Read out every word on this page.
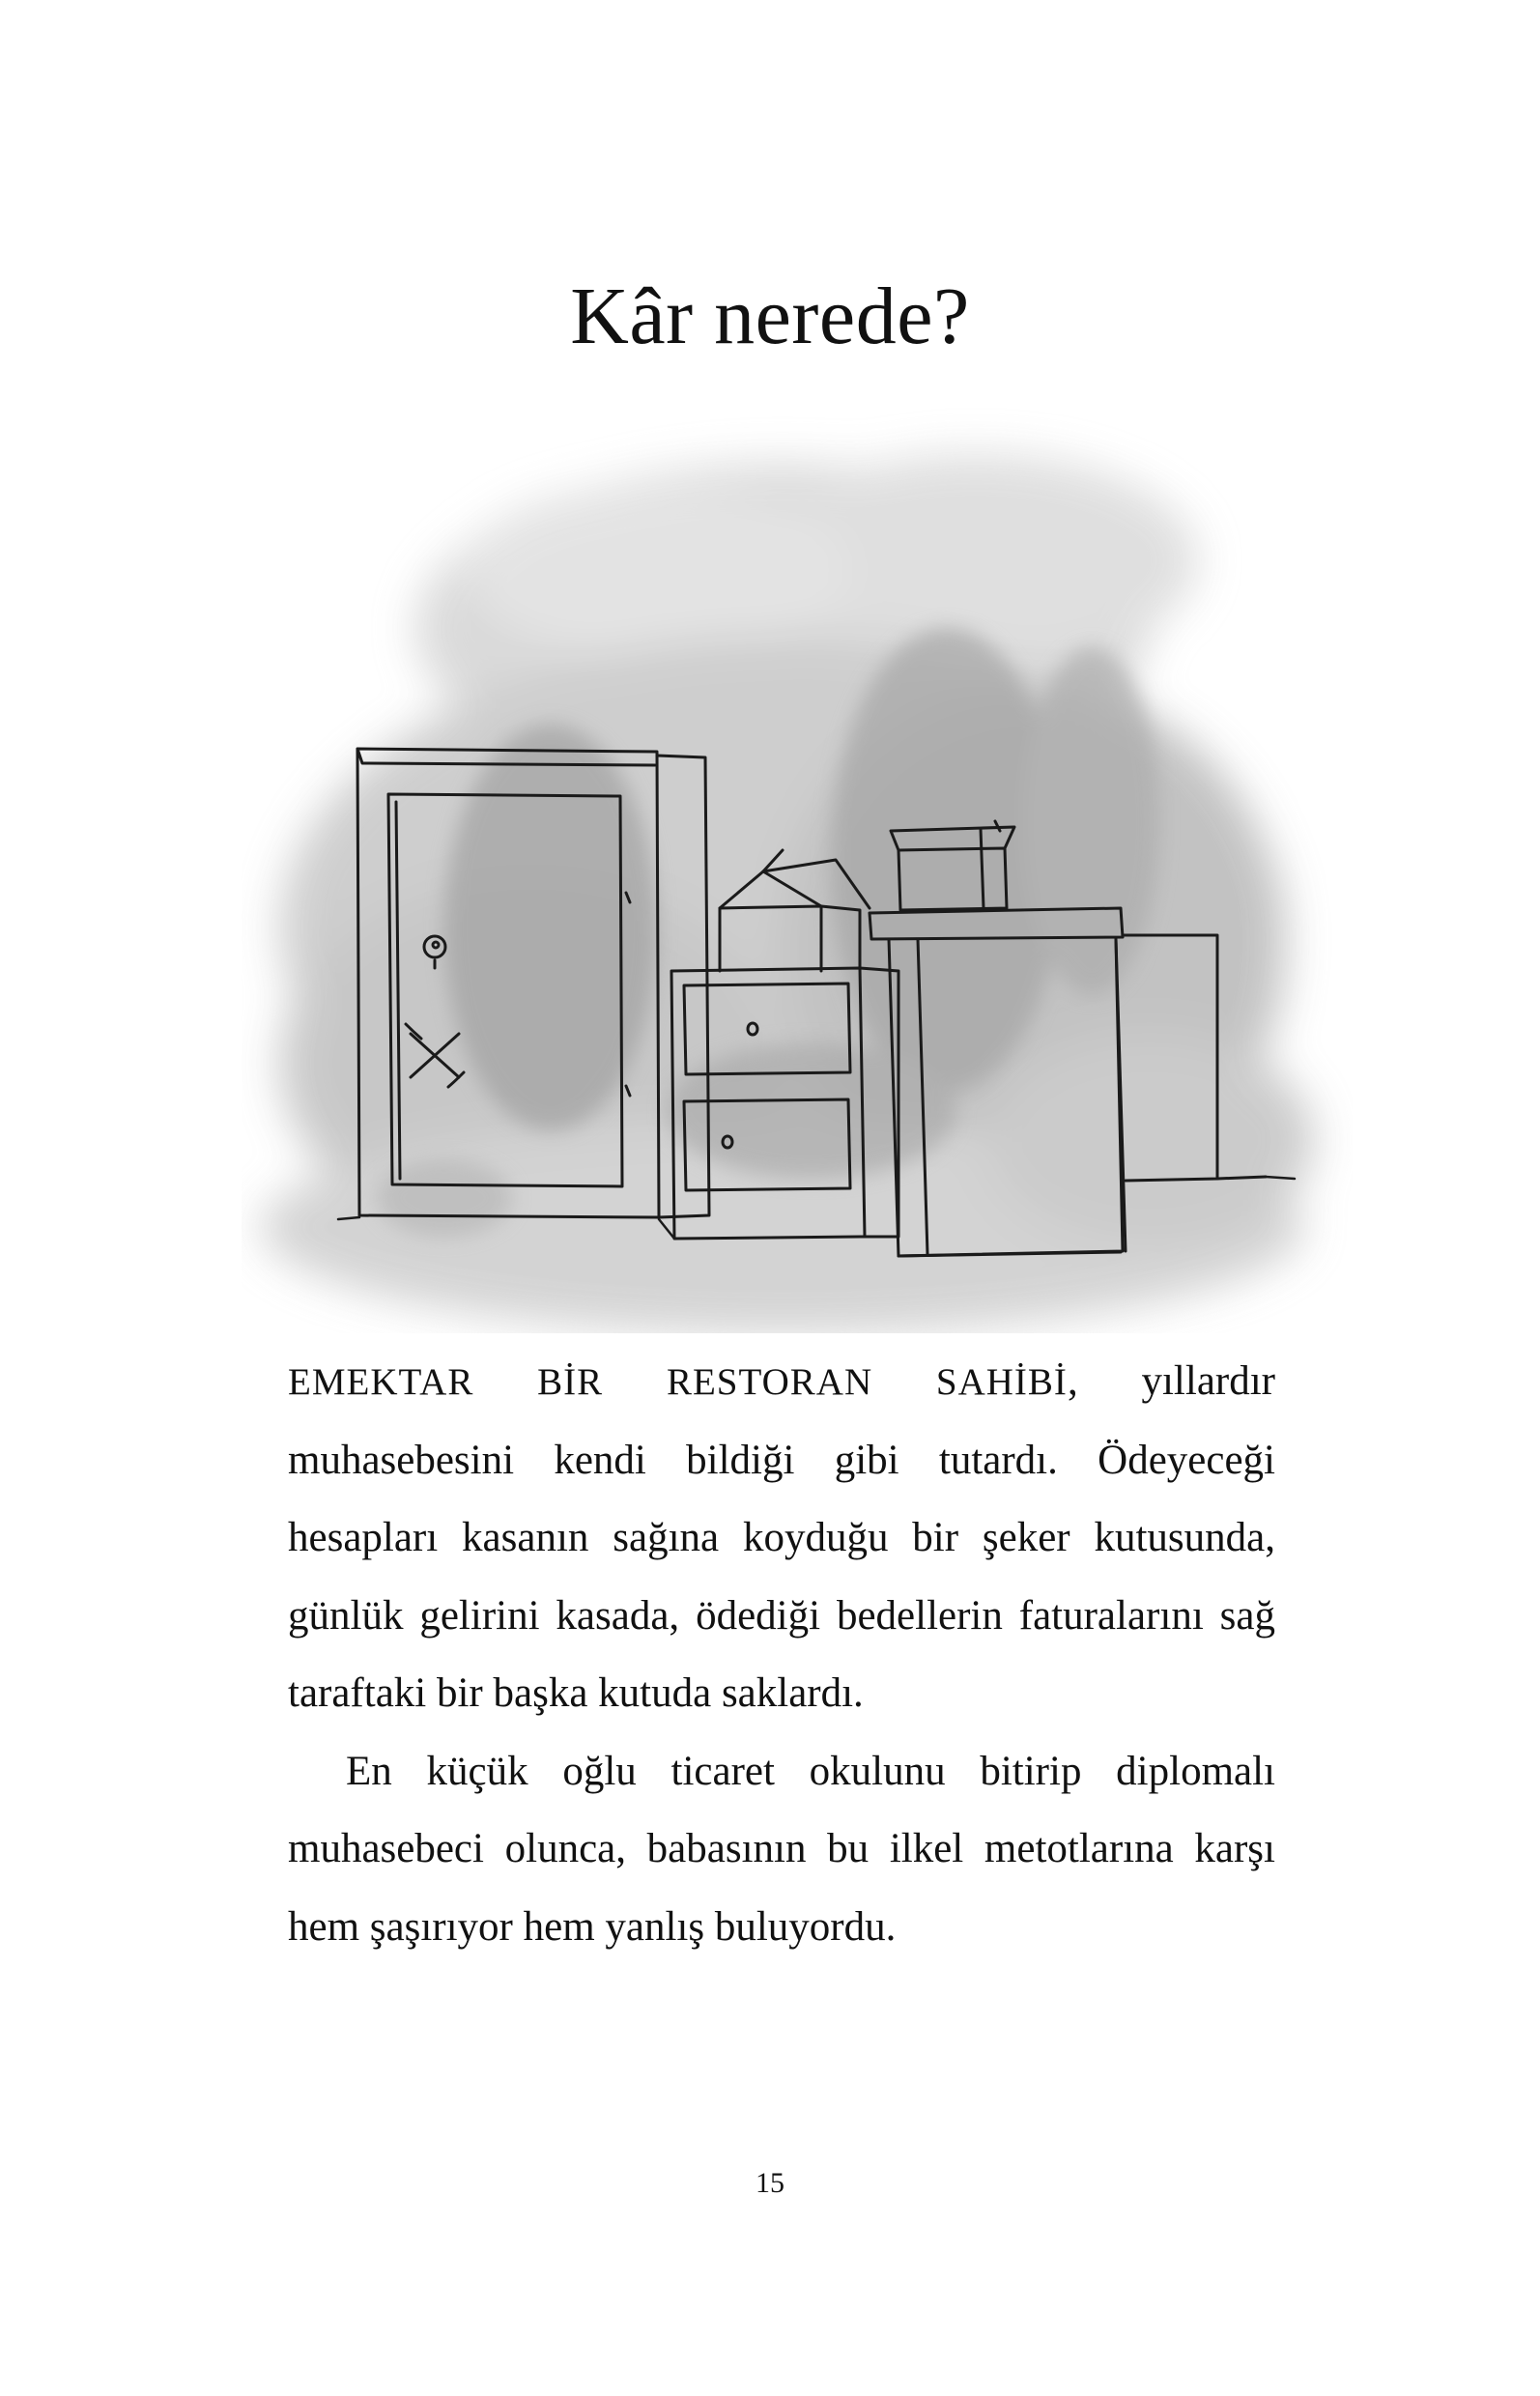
Kâr nerede?

EMEKTAR BİR RESTORAN SAHİBİ, yıllardır muhasebesini kendi bildiği gibi tutardı. Ödeyeceği hesapları kasanın sağına koyduğu bir şeker kutusunda, günlük gelirini kasada, ödediği bedellerin faturalarını sağ taraftaki bir başka kutuda saklardı.

En küçük oğlu ticaret okulunu bitirip diplomalı muhasebeci olunca, babasının bu ilkel metotlarına karşı hem şaşırıyor hem yanlış buluyordu.

15
